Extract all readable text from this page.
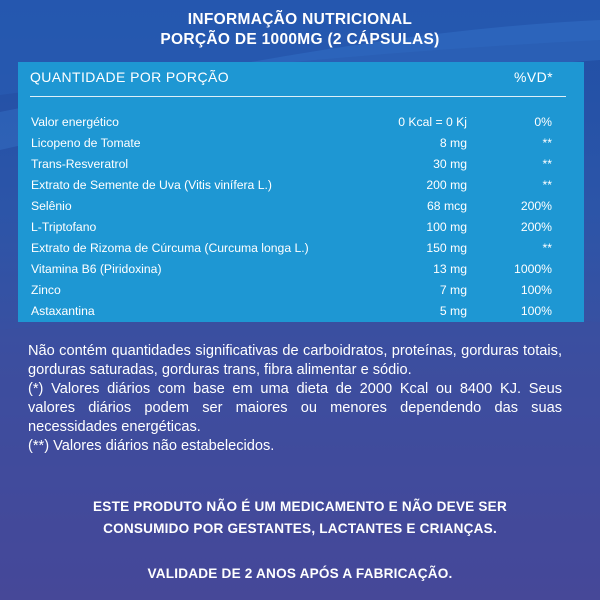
INFORMAÇÃO NUTRICIONAL
PORÇÃO DE 1000MG (2 CÁPSULAS)
QUANTIDADE POR PORÇÃO	%VD*
Valor energético	0 Kcal = 0 Kj	0%
Licopeno de Tomate	8 mg	**
Trans-Resveratrol	30 mg	**
Extrato de Semente de Uva (Vitis vinífera L.)	200 mg	**
Selênio	68 mcg	200%
L-Triptofano	100 mg	200%
Extrato de Rizoma de Cúrcuma (Curcuma longa L.)	150 mg	**
Vitamina B6 (Piridoxina)	13 mg	1000%
Zinco	7 mg	100%
Astaxantina	5 mg	100%

Não contém quantidades significativas de carboidratos, proteínas, gorduras totais, gorduras saturadas, gorduras trans, fibra alimentar e sódio.

(*) Valores diários com base em uma dieta de 2000 Kcal ou 8400 KJ. Seus valores diários podem ser maiores ou menores dependendo das suas necessidades energéticas.

(**) Valores diários não estabelecidos.

ESTE PRODUTO NÃO É UM MEDICAMENTO E NÃO DEVE SER
CONSUMIDO POR GESTANTES, LACTANTES E CRIANÇAS.
VALIDADE DE 2 ANOS APÓS A FABRICAÇÃO.
